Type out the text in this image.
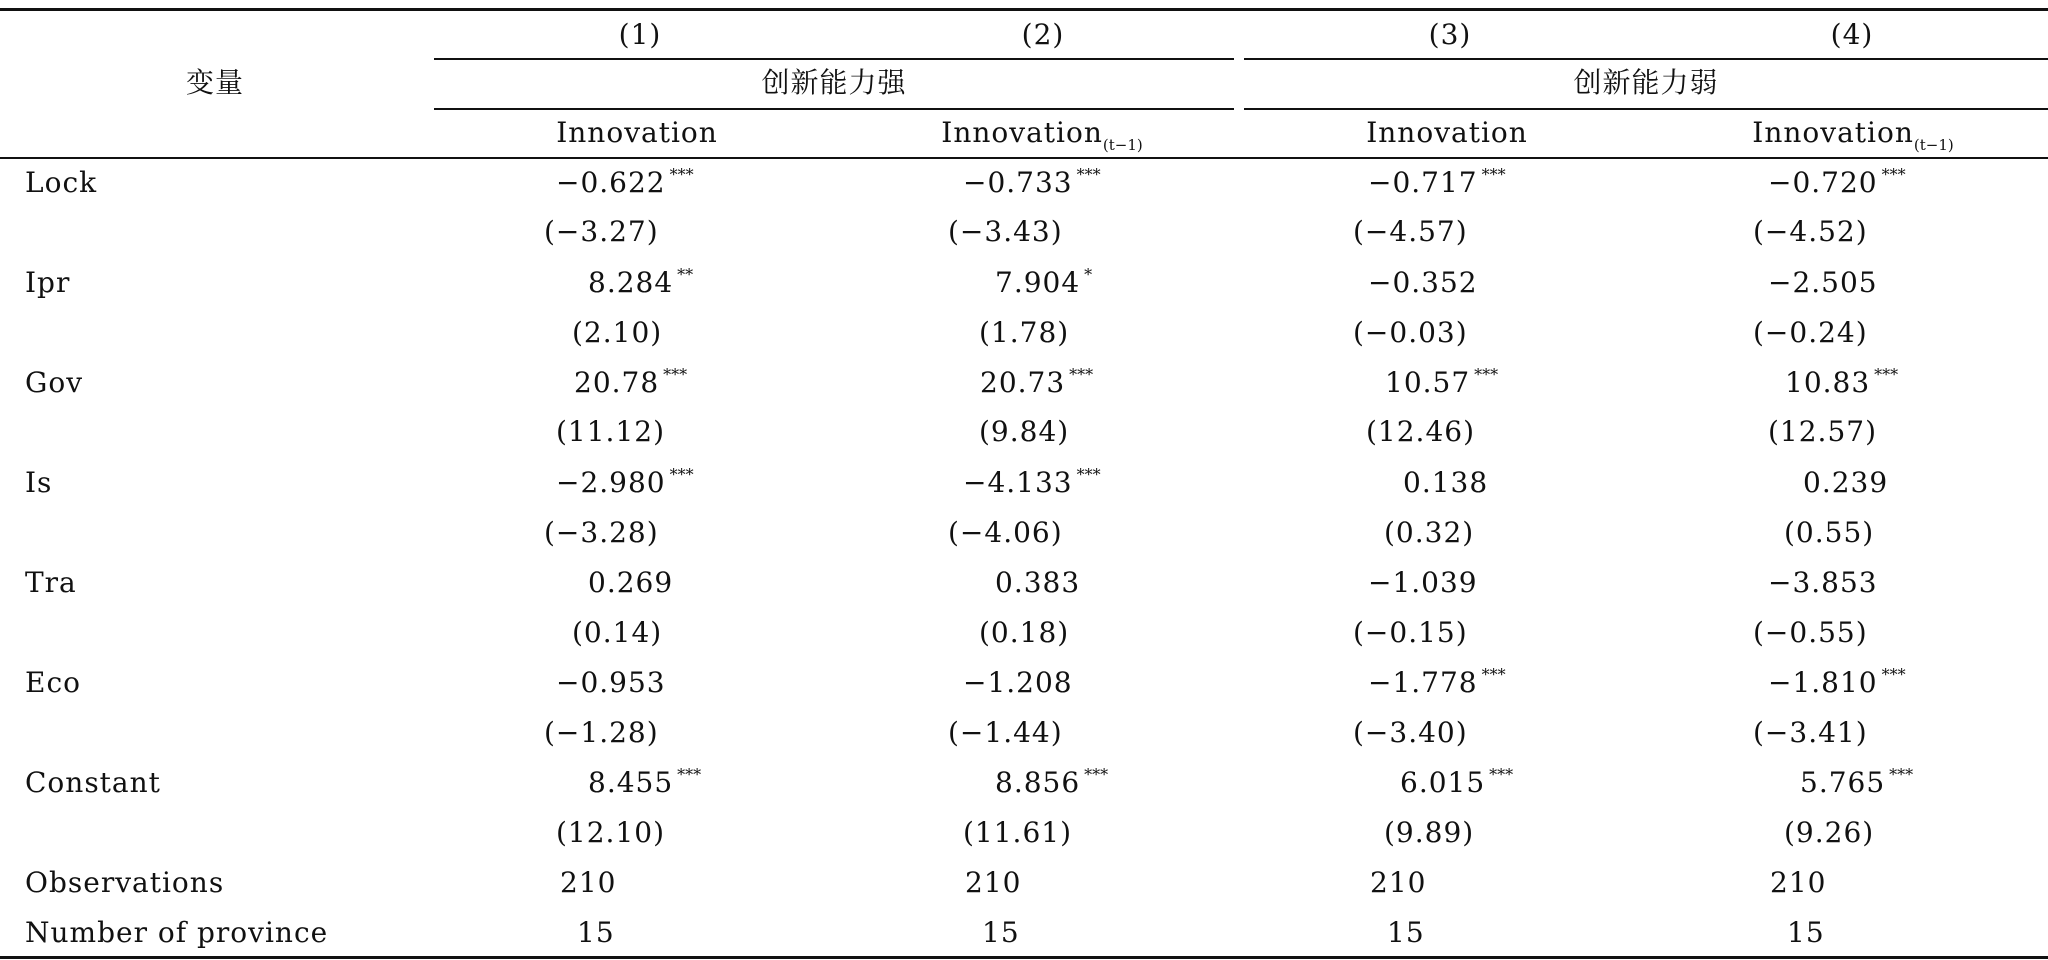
变量
(1)	(2)	(3)	(4)
创新能力强	创新能力弱
Innovation	Innovation$_{(t-1)}$	Innovation	Innovation$_{(t-1)}$
Lock	−0.622 ***	−0.733 ***	−0.717 ***	−0.720 ***
(−3.27)	(−3.43)	(−4.57)	(−4.52)
Ipr	8.284 **	7.904 *	−0.352	−2.505
(2.10)	(1.78)	(−0.03)	(−0.24)
Gov	20.78 ***	20.73 ***	10.57 ***	10.83 ***
(11.12)	(9.84)	(12.46)	(12.57)
Is	−2.980 ***	−4.133 ***	0.138	0.239
(−3.28)	(−4.06)	(0.32)	(0.55)
Tra	0.269	0.383	−1.039	−3.853
(0.14)	(0.18)	(−0.15)	(−0.55)
Eco	−0.953	−1.208	−1.778 ***	−1.810 ***
(−1.28)	(−1.44)	(−3.40)	(−3.41)
Constant	8.455 ***	8.856 ***	6.015 ***	5.765 ***
(12.10)	(11.61)	(9.89)	(9.26)
Observations	210	210	210	210
Number of province	15	15	15	15
